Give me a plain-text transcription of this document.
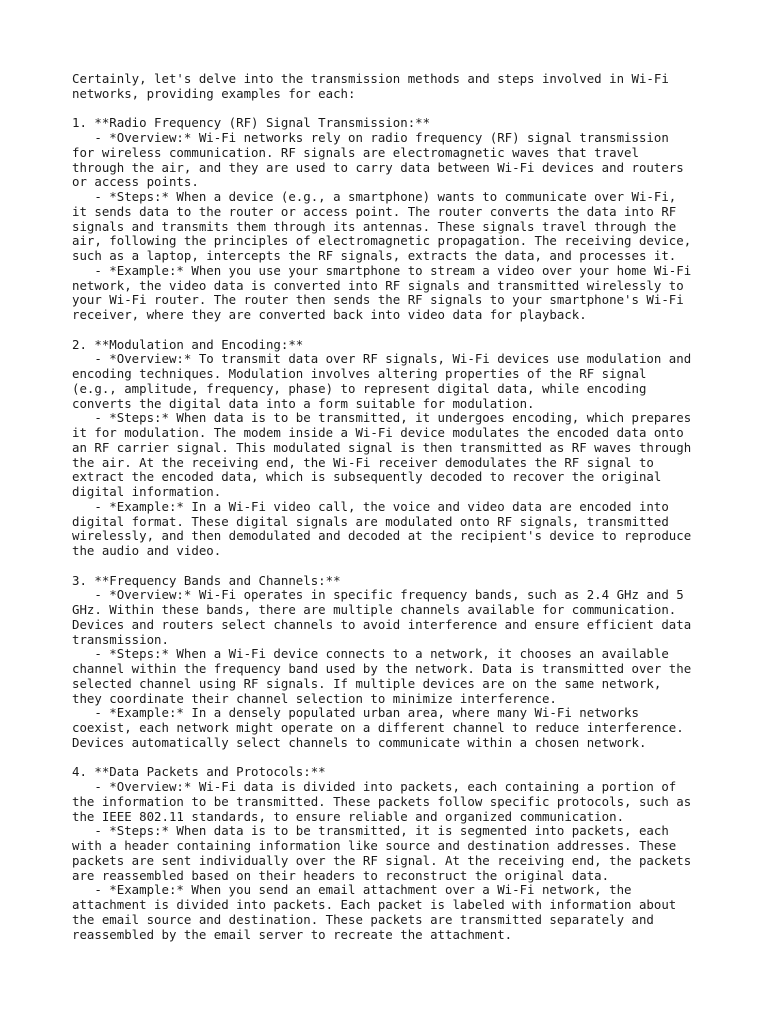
Certainly, let's delve into the transmission methods and steps involved in Wi-Fi
networks, providing examples for each:
1. **Radio Frequency (RF) Signal Transmission:**
- *Overview:* Wi-Fi networks rely on radio frequency (RF) signal transmission
for wireless communication. RF signals are electromagnetic waves that travel
through the air, and they are used to carry data between Wi-Fi devices and routers
or access points.
- *Steps:* When a device (e.g., a smartphone) wants to communicate over Wi-Fi,
it sends data to the router or access point. The router converts the data into RF
signals and transmits them through its antennas. These signals travel through the
air, following the principles of electromagnetic propagation. The receiving device,
such as a laptop, intercepts the RF signals, extracts the data, and processes it.
- *Example:* When you use your smartphone to stream a video over your home Wi-Fi
network, the video data is converted into RF signals and transmitted wirelessly to
your Wi-Fi router. The router then sends the RF signals to your smartphone's Wi-Fi
receiver, where they are converted back into video data for playback.
2. **Modulation and Encoding:**
- *Overview:* To transmit data over RF signals, Wi-Fi devices use modulation and
encoding techniques. Modulation involves altering properties of the RF signal
(e.g., amplitude, frequency, phase) to represent digital data, while encoding
converts the digital data into a form suitable for modulation.
- *Steps:* When data is to be transmitted, it undergoes encoding, which prepares
it for modulation. The modem inside a Wi-Fi device modulates the encoded data onto
an RF carrier signal. This modulated signal is then transmitted as RF waves through
the air. At the receiving end, the Wi-Fi receiver demodulates the RF signal to
extract the encoded data, which is subsequently decoded to recover the original
digital information.
- *Example:* In a Wi-Fi video call, the voice and video data are encoded into
digital format. These digital signals are modulated onto RF signals, transmitted
wirelessly, and then demodulated and decoded at the recipient's device to reproduce
the audio and video.
3. **Frequency Bands and Channels:**
- *Overview:* Wi-Fi operates in specific frequency bands, such as 2.4 GHz and 5
GHz. Within these bands, there are multiple channels available for communication.
Devices and routers select channels to avoid interference and ensure efficient data
transmission.
- *Steps:* When a Wi-Fi device connects to a network, it chooses an available
channel within the frequency band used by the network. Data is transmitted over the
selected channel using RF signals. If multiple devices are on the same network,
they coordinate their channel selection to minimize interference.
- *Example:* In a densely populated urban area, where many Wi-Fi networks
coexist, each network might operate on a different channel to reduce interference.
Devices automatically select channels to communicate within a chosen network.
4. **Data Packets and Protocols:**
- *Overview:* Wi-Fi data is divided into packets, each containing a portion of
the information to be transmitted. These packets follow specific protocols, such as
the IEEE 802.11 standards, to ensure reliable and organized communication.
- *Steps:* When data is to be transmitted, it is segmented into packets, each
with a header containing information like source and destination addresses. These
packets are sent individually over the RF signal. At the receiving end, the packets
are reassembled based on their headers to reconstruct the original data.
- *Example:* When you send an email attachment over a Wi-Fi network, the
attachment is divided into packets. Each packet is labeled with information about
the email source and destination. These packets are transmitted separately and
reassembled by the email server to recreate the attachment.
